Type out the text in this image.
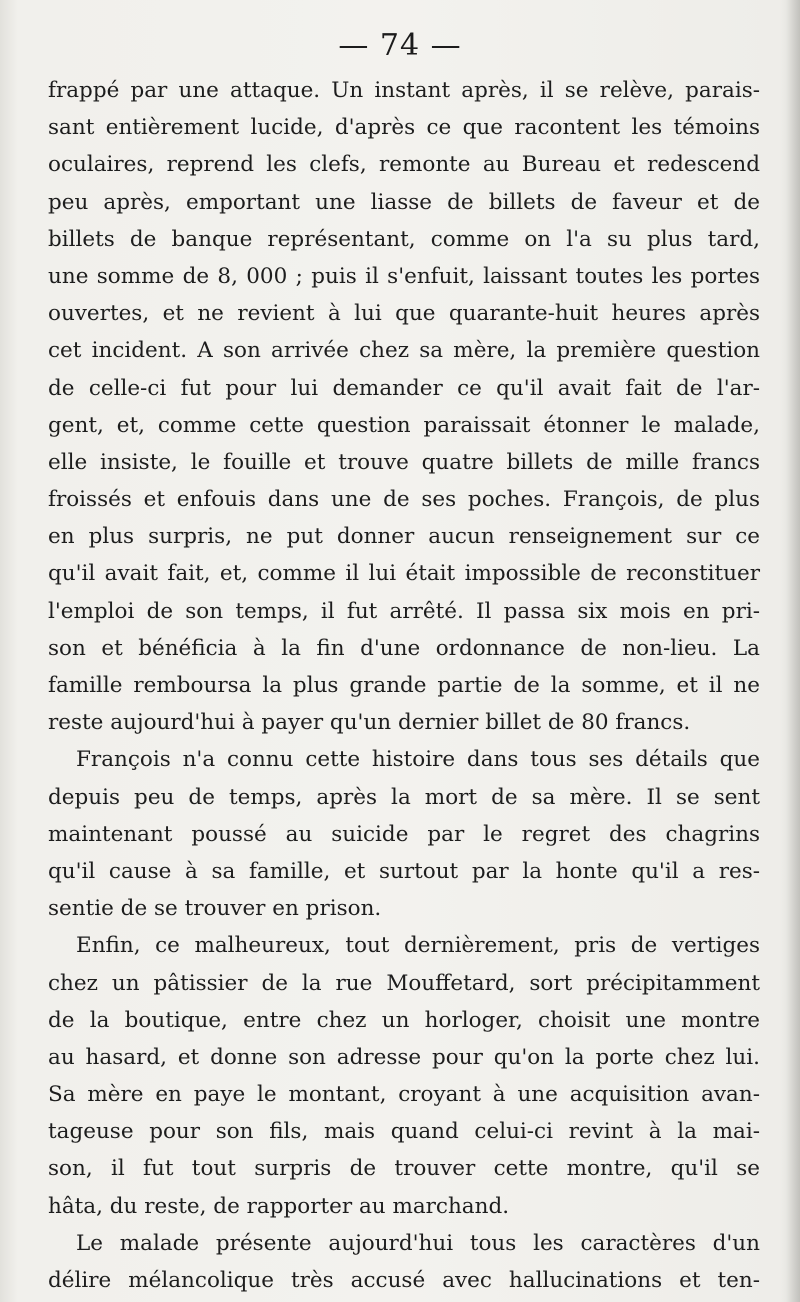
— 74 —
frappé par une attaque. Un instant après, il se relève, parais-
sant entièrement lucide, d'après ce que racontent les témoins
oculaires, reprend les clefs, remonte au Bureau et redescend
peu après, emportant une liasse de billets de faveur et de
billets de banque représentant, comme on l'a su plus tard,
une somme de 8, 000 ; puis il s'enfuit, laissant toutes les portes
ouvertes, et ne revient à lui que quarante-huit heures après
cet incident. A son arrivée chez sa mère, la première question
de celle-ci fut pour lui demander ce qu'il avait fait de l'ar-
gent, et, comme cette question paraissait étonner le malade,
elle insiste, le fouille et trouve quatre billets de mille francs
froissés et enfouis dans une de ses poches. François, de plus
en plus surpris, ne put donner aucun renseignement sur ce
qu'il avait fait, et, comme il lui était impossible de reconstituer
l'emploi de son temps, il fut arrêté. Il passa six mois en pri-
son et bénéficia à la fin d'une ordonnance de non-lieu. La
famille remboursa la plus grande partie de la somme, et il ne
reste aujourd'hui à payer qu'un dernier billet de 80 francs.
François n'a connu cette histoire dans tous ses détails que
depuis peu de temps, après la mort de sa mère. Il se sent
maintenant poussé au suicide par le regret des chagrins
qu'il cause à sa famille, et surtout par la honte qu'il a res-
sentie de se trouver en prison.
Enfin, ce malheureux, tout dernièrement, pris de vertiges
chez un pâtissier de la rue Mouffetard, sort précipitamment
de la boutique, entre chez un horloger, choisit une montre
au hasard, et donne son adresse pour qu'on la porte chez lui.
Sa mère en paye le montant, croyant à une acquisition avan-
tageuse pour son fils, mais quand celui-ci revint à la mai-
son, il fut tout surpris de trouver cette montre, qu'il se
hâta, du reste, de rapporter au marchand.
Le malade présente aujourd'hui tous les caractères d'un
délire mélancolique très accusé avec hallucinations et ten-
